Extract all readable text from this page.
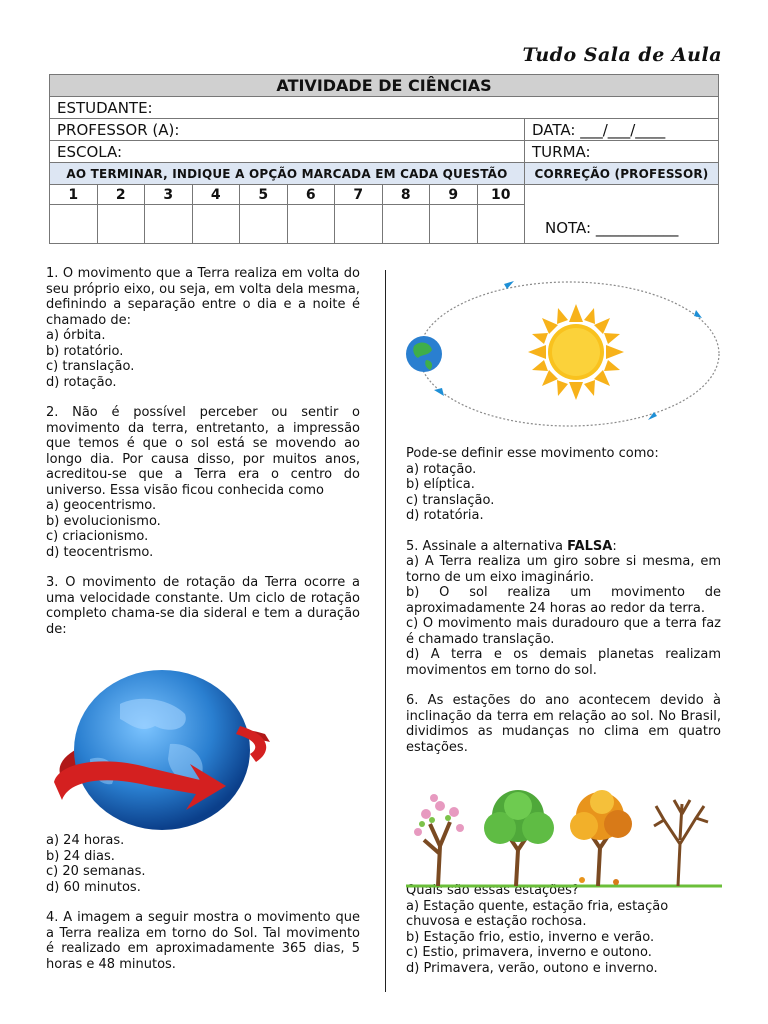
Tudo Sala de Aula
ATIVIDADE DE CIÊNCIAS										
ESTUDANTE:										
PROFESSOR (A):										DATA: ___/___/____
ESCOLA:										TURMA:
AO TERMINAR, INDIQUE A OPÇÃO MARCADA EM CADA QUESTÃO										CORREÇÃO (PROFESSOR)
1	2	3	4	5	6	7	8	9	10	NOTA: ___________

1. O movimento que a Terra realiza em volta do seu próprio eixo, ou seja, em volta dela mesma, definindo a separação entre o dia e a noite é chamado de:

a) órbita.

b) rotatório.

c) translação.

d) rotação.

2. Não é possível perceber ou sentir o movimento da terra, entretanto, a impressão que temos é que o sol está se movendo ao longo dia. Por causa disso, por muitos anos, acreditou-se que a Terra era o centro do universo. Essa visão ficou conhecida como

a) geocentrismo.

b) evolucionismo.

c) criacionismo.

d) teocentrismo.

3. O movimento de rotação da Terra ocorre a uma velocidade constante. Um ciclo de rotação completo chama-se dia sideral e tem a duração de:

a) 24 horas.

b) 24 dias.

c) 20 semanas.

d) 60 minutos.

4. A imagem a seguir mostra o movimento que a Terra realiza em torno do Sol. Tal movimento é realizado em aproximadamente 365 dias, 5 horas e 48 minutos.

Pode-se definir esse movimento como:

a) rotação.

b) elíptica.

c) translação.

d) rotatória.

5. Assinale a alternativa FALSA:

a) A Terra realiza um giro sobre si mesma, em torno de um eixo imaginário.

b) O sol realiza um movimento de aproximadamente 24 horas ao redor da terra.

c) O movimento mais duradouro que a terra faz é chamado translação.

d) A terra e os demais planetas realizam movimentos em torno do sol.

6. As estações do ano acontecem devido à inclinação da terra em relação ao sol. No Brasil, dividimos as mudanças no clima em quatro estações.

Quais são essas estações?

a) Estação quente, estação fria, estação chuvosa e estação rochosa.

b) Estação frio, estio, inverno e verão.

c) Estio, primavera, inverno e outono.

d) Primavera, verão, outono e inverno.
